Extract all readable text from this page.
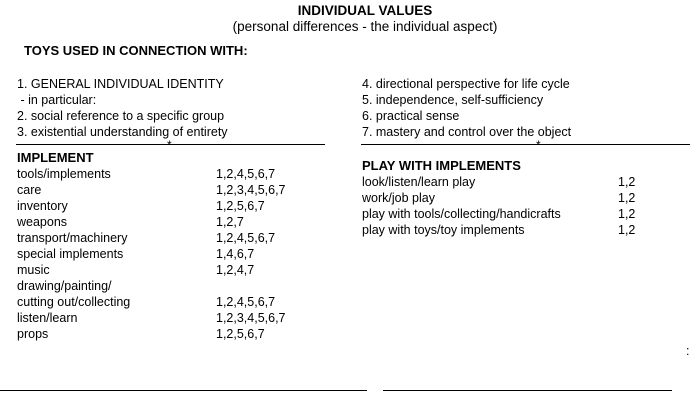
INDIVIDUAL VALUES
(personal differences - the individual aspect)
TOYS USED IN CONNECTION WITH:
1. GENERAL INDIVIDUAL IDENTITY
- in particular:
2. social reference to a specific group
3. existential understanding of entirety
4. directional perspective for life cycle
5. independence, self-sufficiency
6. practical sense
7. mastery and control over the object
*	*
IMPLEMENT
tools/implements	1,2,4,5,6,7
care	1,2,3,4,5,6,7
inventory	1,2,5,6,7
weapons	1,2,7
transport/machinery	1,2,4,5,6,7
special implements	1,4,6,7
music	1,2,4,7
drawing/painting/
cutting out/collecting	1,2,4,5,6,7
listen/learn	1,2,3,4,5,6,7
props	1,2,5,6,7
PLAY WITH IMPLEMENTS
look/listen/learn play	1,2
work/job play	1,2
play with tools/collecting/handicrafts	1,2
play with toys/toy implements	1,2
:
